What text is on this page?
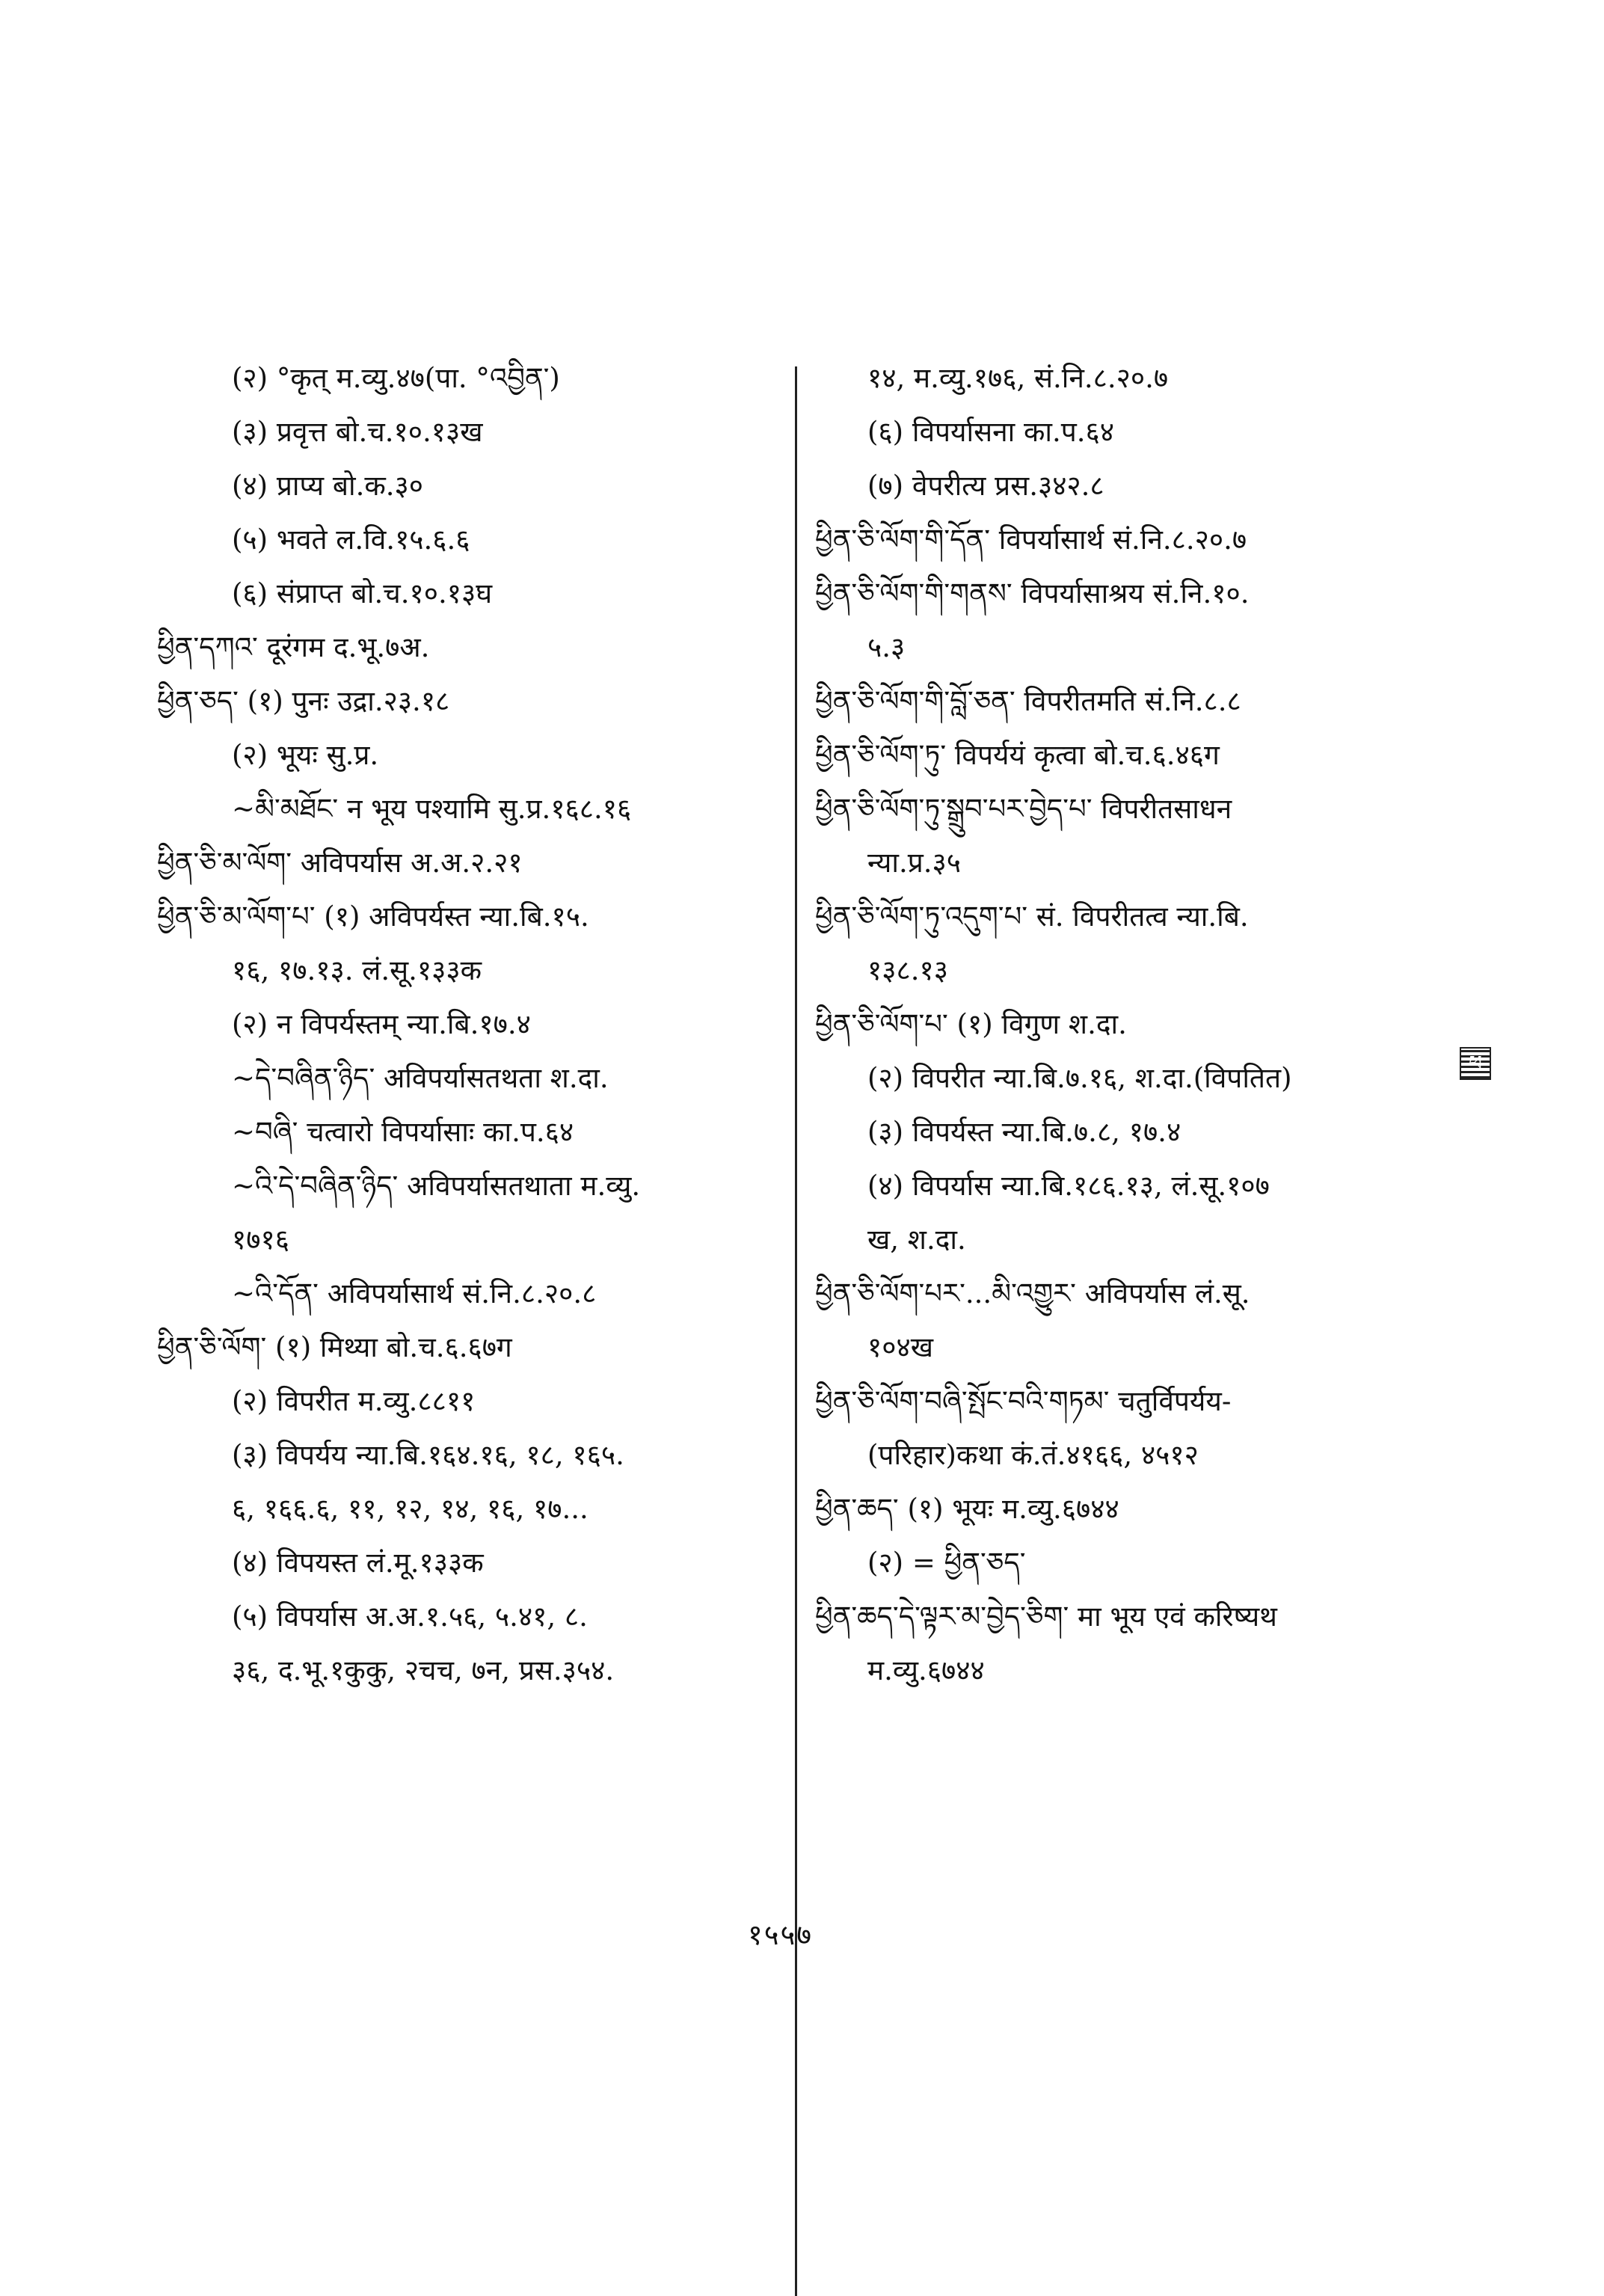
(२) °कृत् म.व्यु.४७(पा. °འབྱིན་)
(३) प्रवृत्त बो.च.१०.१३ख
(४) प्राप्य बो.क.३०
(५) भवते ल.वि.१५.६.६
(६) संप्राप्त बो.च.१०.१३घ
ཕྱིན་དཀའ་ दूरंगम द.भू.७अ.
ཕྱིན་ཅད་ (१) पुनः उद्रा.२३.१८
(२) भूयः सु.प्र.
~མི་མཐོང་ न भूय पश्यामि सु.प्र.१६८.१६
ཕྱིན་ཅི་མ་ལོག་ अविपर्यास अ.अ.२.२१
ཕྱིན་ཅི་མ་ལོག་པ་ (१) अविपर्यस्त न्या.बि.१५.
१६, १७.१३. लं.सू.१३३क
(२) न विपर्यस्तम् न्या.बि.१७.४
~དེ་བཞིན་ཉིད་ अविपर्यासतथता श.दा.
~བཞི་ चत्वारो विपर्यासाः का.प.६४
~འི་དེ་བཞིན་ཉིད་ अविपर्यासतथाता म.व्यु.
१७१६
~འི་དོན་ अविपर्यासार्थ सं.नि.८.२०.८
ཕྱིན་ཅི་ལོག་ (१) मिथ्या बो.च.६.६७ग
(२) विपरीत म.व्यु.८८११
(३) विपर्यय न्या.बि.१६४.१६, १८, १६५.
६, १६६.६, ११, १२, १४, १६, १७...
(४) विपयस्त लं.मू.१३३क
(५) विपर्यास अ.अ.१.५६, ५.४१, ८.
३६, द.भू.१कुकु, २चच, ७न, प्रस.३५४.
१४, म.व्यु.१७६, सं.नि.८.२०.७
(६) विपर्यासना का.प.६४
(७) वेपरीत्य प्रस.३४२.८
ཕྱིན་ཅི་ལོག་གི་དོན་ विपर्यासार्थ सं.नि.८.२०.७
ཕྱིན་ཅི་ལོག་གི་གནས་ विपर्यासाश्रय सं.नि.१०.
५.३
ཕྱིན་ཅི་ལོག་གི་བློ་ཅན་ विपरीतमति सं.नि.८.८
ཕྱིན་ཅི་ལོག་ཏུ་ विपर्ययं कृत्वा बो.च.६.४६ग
ཕྱིན་ཅི་ལོག་ཏུ་སྒྲུབ་པར་བྱེད་པ་ विपरीतसाधन
न्या.प्र.३५
ཕྱིན་ཅི་ལོག་ཏུ་འདུག་པ་ सं. विपरीतत्व न्या.बि.
१३८.१३
ཕྱིན་ཅི་ལོག་པ་ (१) विगुण श.दा.
(२) विपरीत न्या.बि.७.१६, श.दा.(विपतित)
(३) विपर्यस्त न्या.बि.७.८, १७.४
(४) विपर्यास न्या.बि.१८६.१३, लं.सू.१०७
ख, श.दा.
ཕྱིན་ཅི་ལོག་པར་...མི་འགྱུར་ अविपर्यास लं.सू.
१०४ख
ཕྱིན་ཅི་ལོག་བཞི་སྤོང་བའི་གཏམ་ चतुर्विपर्यय-
(परिहार)कथा कं.तं.४१६६, ४५१२
ཕྱིན་ཆད་ (१) भूयः म.व्यु.६७४४
(२) = ཕྱིན་ཅད་
ཕྱིན་ཆད་དེ་ལྟར་མ་བྱེད་ཅིག་ मा भूय एवं करिष्यथ
म.व्यु.६७४४
ཕ
१५५७
